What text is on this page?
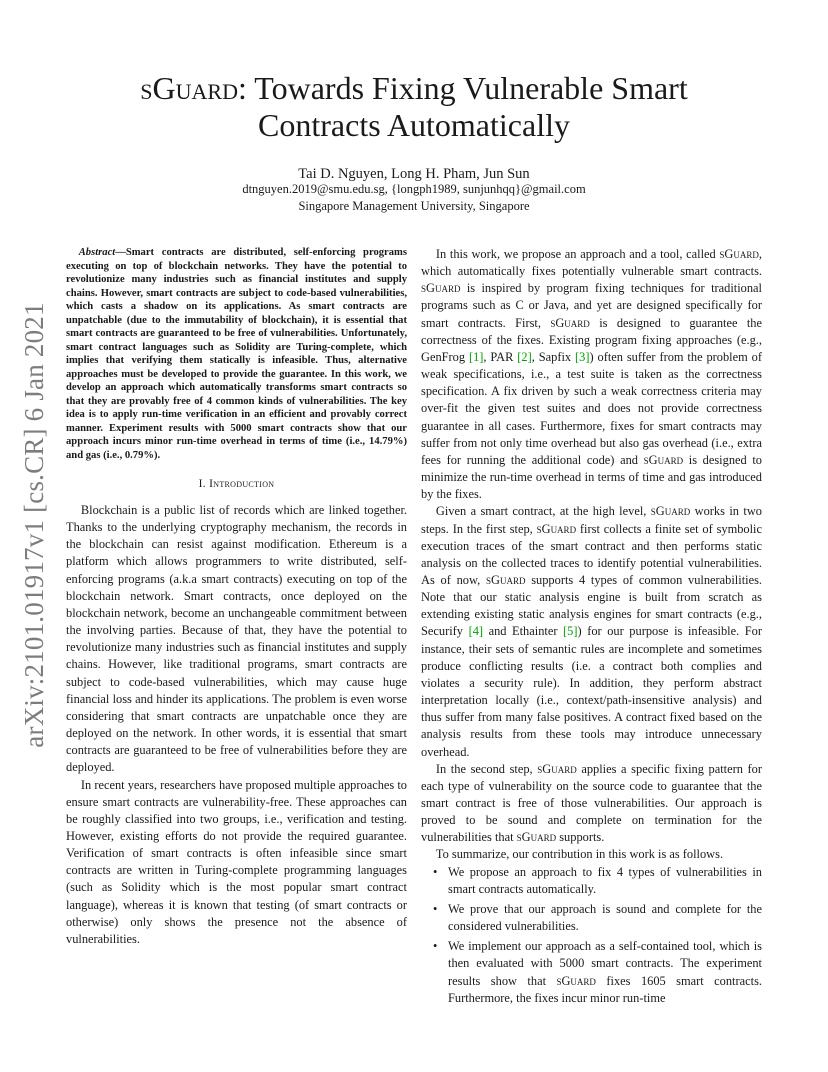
arXiv:2101.01917v1 [cs.CR] 6 Jan 2021
sGuard: Towards Fixing Vulnerable Smart
Contracts Automatically
Tai D. Nguyen, Long H. Pham, Jun Sun
dtnguyen.2019@smu.edu.sg, {longph1989, sunjunhqq}@gmail.com
Singapore Management University, Singapore

Abstract—Smart contracts are distributed, self-enforcing programs executing on top of blockchain networks. They have the potential to revolutionize many industries such as financial institutes and supply chains. However, smart contracts are subject to code-based vulnerabilities, which casts a shadow on its applications. As smart contracts are unpatchable (due to the immutability of blockchain), it is essential that smart contracts are guaranteed to be free of vulnerabilities. Unfortunately, smart contract languages such as Solidity are Turing-complete, which implies that verifying them statically is infeasible. Thus, alternative approaches must be developed to provide the guarantee. In this work, we develop an approach which automatically transforms smart contracts so that they are provably free of 4 common kinds of vulnerabilities. The key idea is to apply run-time verification in an efficient and provably correct manner. Experiment results with 5000 smart contracts show that our approach incurs minor run-time overhead in terms of time (i.e., 14.79%) and gas (i.e., 0.79%).

I. Introduction

Blockchain is a public list of records which are linked together. Thanks to the underlying cryptography mechanism, the records in the blockchain can resist against modification. Ethereum is a platform which allows programmers to write distributed, self-enforcing programs (a.k.a smart contracts) executing on top of the blockchain network. Smart contracts, once deployed on the blockchain network, become an unchangeable commitment between the involving parties. Because of that, they have the potential to revolutionize many industries such as financial institutes and supply chains. However, like traditional programs, smart contracts are subject to code-based vulnerabilities, which may cause huge financial loss and hinder its applications. The problem is even worse considering that smart contracts are unpatchable once they are deployed on the network. In other words, it is essential that smart contracts are guaranteed to be free of vulnerabilities before they are deployed.

In recent years, researchers have proposed multiple approaches to ensure smart contracts are vulnerability-free. These approaches can be roughly classified into two groups, i.e., verification and testing. However, existing efforts do not provide the required guarantee. Verification of smart contracts is often infeasible since smart contracts are written in Turing-complete programming languages (such as Solidity which is the most popular smart contract language), whereas it is known that testing (of smart contracts or otherwise) only shows the presence not the absence of vulnerabilities.

In this work, we propose an approach and a tool, called sGuard, which automatically fixes potentially vulnerable smart contracts. sGuard is inspired by program fixing techniques for traditional programs such as C or Java, and yet are designed specifically for smart contracts. First, sGuard is designed to guarantee the correctness of the fixes. Existing program fixing approaches (e.g., GenFrog [1], PAR [2], Sapfix [3]) often suffer from the problem of weak specifications, i.e., a test suite is taken as the correctness specification. A fix driven by such a weak correctness criteria may over-fit the given test suites and does not provide correctness guarantee in all cases. Furthermore, fixes for smart contracts may suffer from not only time overhead but also gas overhead (i.e., extra fees for running the additional code) and sGuard is designed to minimize the run-time overhead in terms of time and gas introduced by the fixes.

Given a smart contract, at the high level, sGuard works in two steps. In the first step, sGuard first collects a finite set of symbolic execution traces of the smart contract and then performs static analysis on the collected traces to identify potential vulnerabilities. As of now, sGuard supports 4 types of common vulnerabilities. Note that our static analysis engine is built from scratch as extending existing static analysis engines for smart contracts (e.g., Securify [4] and Ethainter [5]) for our purpose is infeasible. For instance, their sets of semantic rules are incomplete and sometimes produce conflicting results (i.e. a contract both complies and violates a security rule). In addition, they perform abstract interpretation locally (i.e., context/path-insensitive analysis) and thus suffer from many false positives. A contract fixed based on the analysis results from these tools may introduce unnecessary overhead.

In the second step, sGuard applies a specific fixing pattern for each type of vulnerability on the source code to guarantee that the smart contract is free of those vulnerabilities. Our approach is proved to be sound and complete on termination for the vulnerabilities that sGuard supports.

To summarize, our contribution in this work is as follows.

• We propose an approach to fix 4 types of vulnerabilities in smart contracts automatically.
• We prove that our approach is sound and complete for the considered vulnerabilities.
• We implement our approach as a self-contained tool, which is then evaluated with 5000 smart contracts. The experiment results show that sGuard fixes 1605 smart contracts. Furthermore, the fixes incur minor run-time
